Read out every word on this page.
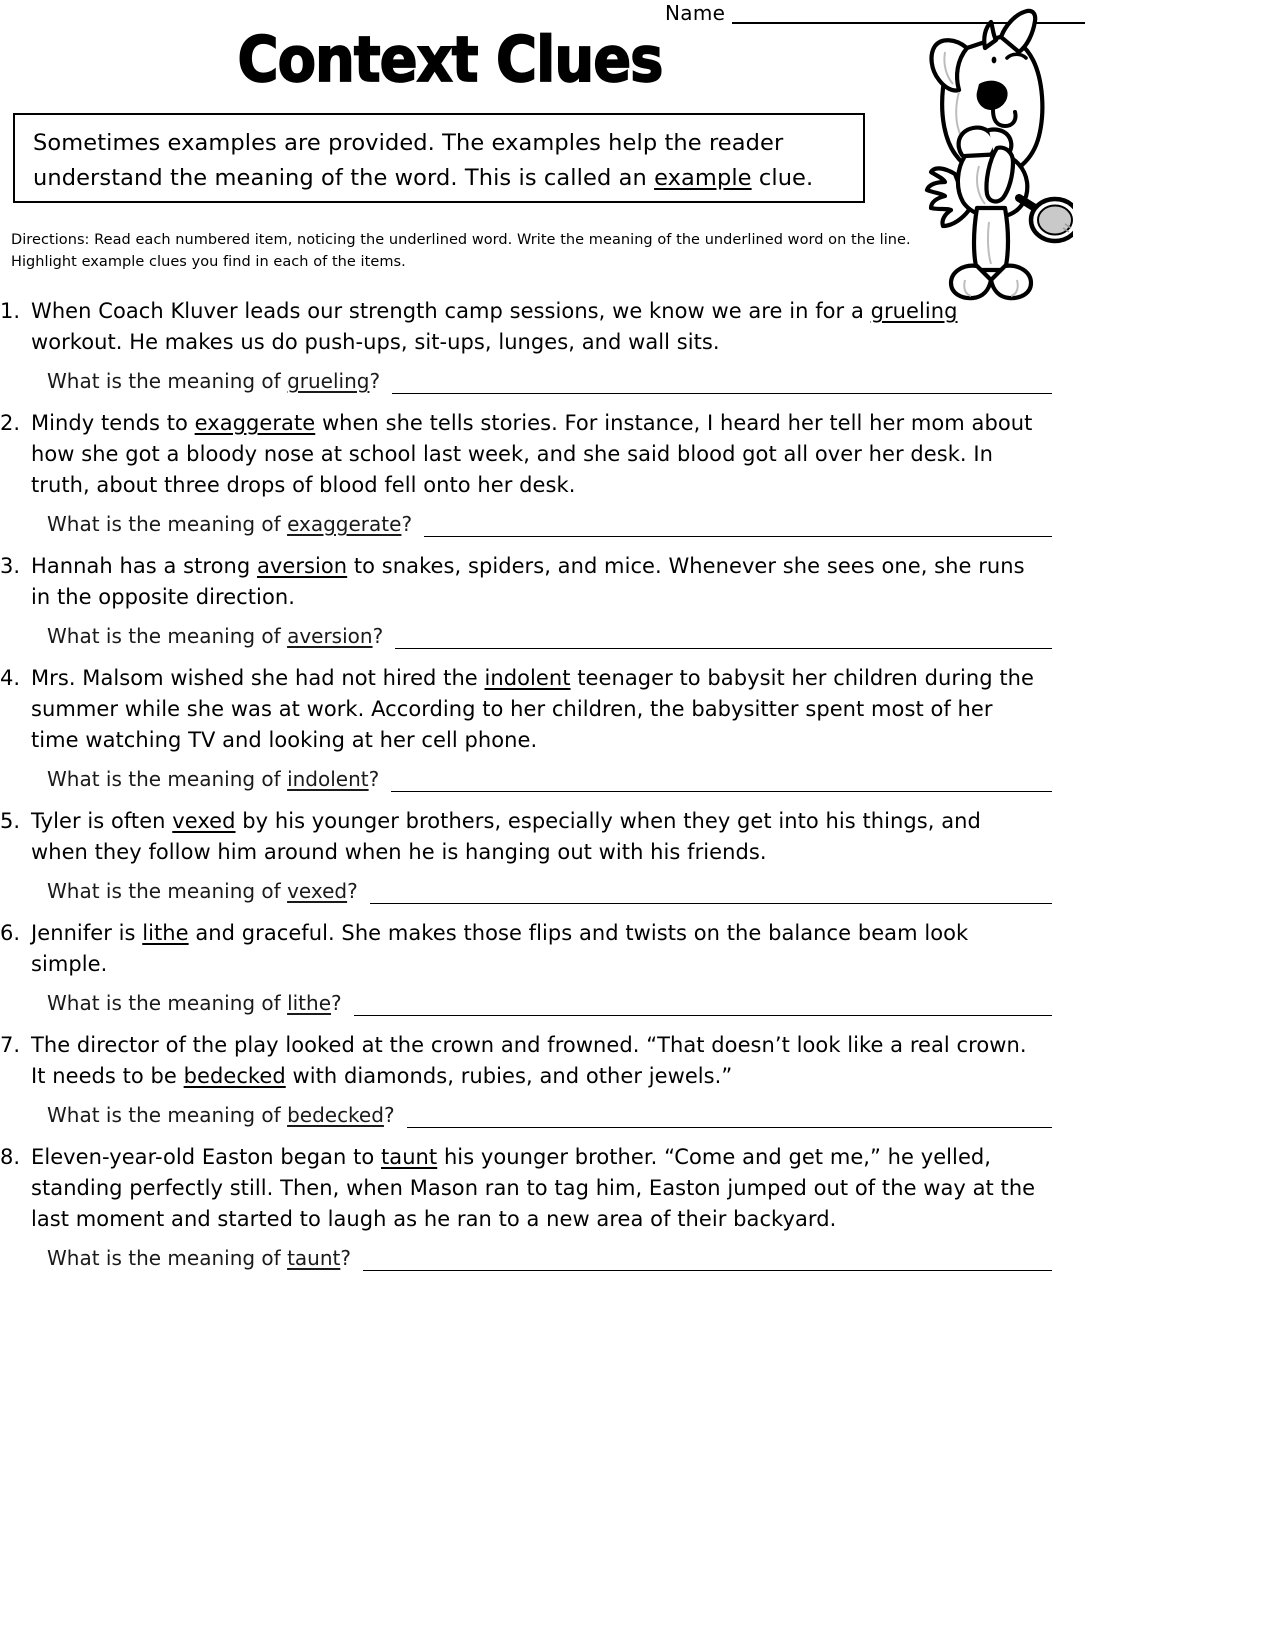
Name
Context Clues

Sometimes examples are provided. The examples help the reader

understand the meaning of the word. This is called an example clue.

Directions: Read each numbered item, noticing the underlined word. Write the meaning of the underlined word on the line. Highlight example clues you find in each of the items.
1. When Coach Kluver leads our strength camp sessions, we know we are in for a grueling workout. He makes us do push-ups, sit-ups, lunges, and wall sits.
What is the meaning of grueling?
2. Mindy tends to exaggerate when she tells stories. For instance, I heard her tell her mom about how she got a bloody nose at school last week, and she said blood got all over her desk. In truth, about three drops of blood fell onto her desk.
What is the meaning of exaggerate?
3. Hannah has a strong aversion to snakes, spiders, and mice. Whenever she sees one, she runs in the opposite direction.
What is the meaning of aversion?
4. Mrs. Malsom wished she had not hired the indolent teenager to babysit her children during the summer while she was at work. According to her children, the babysitter spent most of her time watching TV and looking at her cell phone.
What is the meaning of indolent?
5. Tyler is often vexed by his younger brothers, especially when they get into his things, and when they follow him around when he is hanging out with his friends.
What is the meaning of vexed?
6. Jennifer is lithe and graceful. She makes those flips and twists on the balance beam look simple.
What is the meaning of lithe?
7. The director of the play looked at the crown and frowned. “That doesn’t look like a real crown. It needs to be bedecked with diamonds, rubies, and other jewels.”
What is the meaning of bedecked?
8. Eleven-year-old Easton began to taunt his younger brother. “Come and get me,” he yelled, standing perfectly still. Then, when Mason ran to tag him, Easton jumped out of the way at the last moment and started to laugh as he ran to a new area of their backyard.
What is the meaning of taunt?
